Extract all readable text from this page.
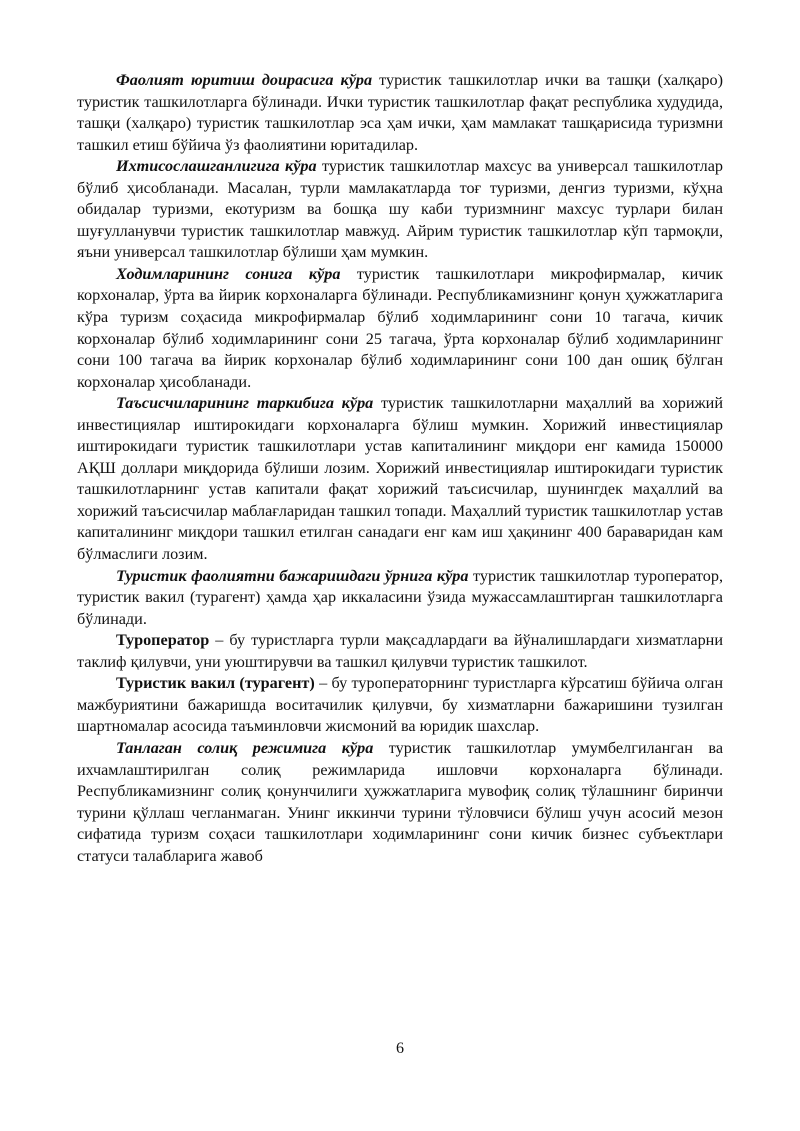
Фаолият юритиш доирасига кўра туристик ташкилотлар ички ва ташқи (халқаро) туристик ташкилотларга бўлинади. Ички туристик ташкилотлар фақат республика худудида, ташқи (халқаро) туристик ташкилотлар эса ҳам ички, ҳам мамлакат ташқарисида туризмни ташкил етиш бўйича ўз фаолиятини юритадилар.

Ихтисослашганлигига кўра туристик ташкилотлар махсус ва универсал ташкилотлар бўлиб ҳисобланади. Масалан, турли мамлакатларда тоғ туризми, денгиз туризми, кўҳна обидалар туризми, екотуризм ва бошқа шу каби туризмнинг махсус турлари билан шуғулланувчи туристик ташкилотлар мавжуд. Айрим туристик ташкилотлар кўп тармоқли, яъни универсал ташкилотлар бўлиши ҳам мумкин.

Ходимларининг сонига кўра туристик ташкилотлари микрофирмалар, кичик корхоналар, ўрта ва йирик корхоналарга бўлинади. Республикамизнинг қонун ҳужжатларига кўра туризм соҳасида микрофирмалар бўлиб ходимларининг сони 10 тагача, кичик корхоналар бўлиб ходимларининг сони 25 тагача, ўрта корхоналар бўлиб ходимларининг сони 100 тагача ва йирик корхоналар бўлиб ходимларининг сони 100 дан ошиқ бўлган корхоналар ҳисобланади.

Таъсисчиларининг таркибига кўра туристик ташкилотларни маҳаллий ва хорижий инвестициялар иштирокидаги корхоналарга бўлиш мумкин. Хорижий инвестициялар иштирокидаги туристик ташкилотлари устав капиталининг миқдори енг камида 150000 АҚШ доллари миқдорида бўлиши лозим. Хорижий инвестициялар иштирокидаги туристик ташкилотларнинг устав капитали фақат хорижий таъсисчилар, шунингдек маҳаллий ва хорижий таъсисчилар маблағларидан ташкил топади. Маҳаллий туристик ташкилотлар устав капиталининг миқдори ташкил етилган санадаги енг кам иш ҳақининг 400 бараваридан кам бўлмаслиги лозим.

Туристик фаолиятни бажаришдаги ўрнига кўра туристик ташкилотлар туроператор, туристик вакил (турагент) ҳамда ҳар иккаласини ўзида мужассамлаштирган ташкилотларга бўлинади.

Туроператор – бу туристларга турли мақсадлардаги ва йўналишлардаги хизматларни таклиф қилувчи, уни уюштирувчи ва ташкил қилувчи туристик ташкилот.

Туристик вакил (турагент) – бу туроператорнинг туристларга кўрсатиш бўйича олган мажбуриятини бажаришда воситачилик қилувчи, бу хизматларни бажаришини тузилган шартномалар асосида таъминловчи жисмоний ва юридик шахслар.

Танлаган солиқ режимига кўра туристик ташкилотлар умумбелгиланган ва ихчамлаштирилган солиқ режимларида ишловчи корхоналарга бўлинади. Республикамизнинг солиқ қонунчилиги ҳужжатларига мувофиқ солиқ тўлашнинг биринчи турини қўллаш чегланмаган. Унинг иккинчи турини тўловчиси бўлиш учун асосий мезон сифатида туризм соҳаси ташкилотлари ходимларининг сони кичик бизнес субъектлари статуси талабларига жавоб

6
